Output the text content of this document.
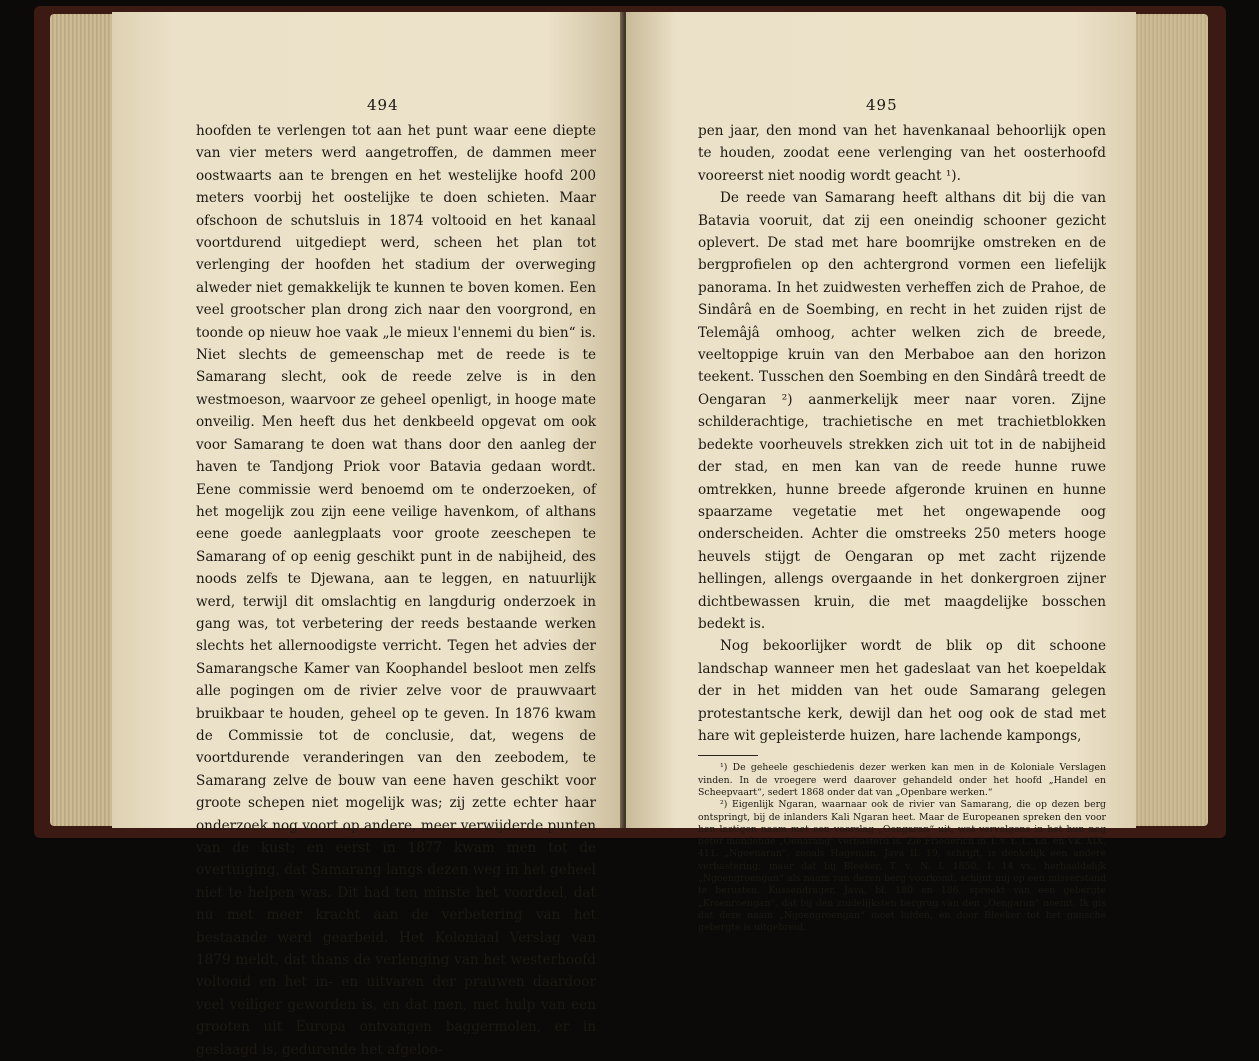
494

hoofden te verlengen tot aan het punt waar eene diepte van vier meters werd aangetroffen, de dammen meer oostwaarts aan te brengen en het westelijke hoofd 200 meters voorbij het oostelijke te doen schieten. Maar ofschoon de schutsluis in 1874 voltooid en het kanaal voortdurend uitgediept werd, scheen het plan tot verlenging der hoofden het stadium der overweging alweder niet gemakkelijk te kunnen te boven komen. Een veel grootscher plan drong zich naar den voorgrond, en toonde op nieuw hoe vaak „le mieux l'ennemi du bien“ is. Niet slechts de gemeenschap met de reede is te Samarang slecht, ook de reede zelve is in den westmoeson, waarvoor ze geheel openligt, in hooge mate onveilig. Men heeft dus het denkbeeld opgevat om ook voor Samarang te doen wat thans door den aanleg der haven te Tandjong Priok voor Batavia gedaan wordt. Eene commissie werd benoemd om te onderzoeken, of het mogelijk zou zijn eene veilige havenkom, of althans eene goede aanlegplaats voor groote zeeschepen te Samarang of op eenig geschikt punt in de nabijheid, des noods zelfs te Djewana, aan te leggen, en natuurlijk werd, terwijl dit omslachtig en langdurig onderzoek in gang was, tot verbetering der reeds bestaande werken slechts het allernoodigste verricht. Tegen het advies der Samarangsche Kamer van Koophandel besloot men zelfs alle pogingen om de rivier zelve voor de prauwvaart bruikbaar te houden, geheel op te geven. In 1876 kwam de Commissie tot de conclusie, dat, wegens de voortdurende veranderingen van den zeebodem, te Samarang zelve de bouw van eene haven geschikt voor groote schepen niet mogelijk was; zij zette echter haar onderzoek nog voort op andere, meer verwijderde punten van de kust; en eerst in 1877 kwam men tot de overtuiging, dat Samarang langs dezen weg in het geheel niet te helpen was. Dit had ten minste het voordeel, dat nu met meer kracht aan de verbetering van het bestaande werd gearbeid. Het Koloniaal Verslag van 1879 meldt, dat thans de verlenging van het westerhoofd voltooid en het in- en uitvaren der prauwen daardoor veel veiliger geworden is, en dat men, met hulp van een grooten uit Europa ontvangen baggermolen, er in geslaagd is, gedurende het afgeloo-

495

pen jaar, den mond van het havenkanaal behoorlijk open te houden, zoodat eene verlenging van het oosterhoofd vooreerst niet noodig wordt geacht ¹).

De reede van Samarang heeft althans dit bij die van Batavia vooruit, dat zij een oneindig schooner gezicht oplevert. De stad met hare boomrijke omstreken en de bergprofielen op den achtergrond vormen een liefelijk panorama. In het zuidwesten verheffen zich de Prahoe, de Sindârâ en de Soembing, en recht in het zuiden rijst de Telemâjâ omhoog, achter welken zich de breede, veeltoppige kruin van den Merbaboe aan den horizon teekent. Tusschen den Soembing en den Sindârâ treedt de Oengaran ²) aanmerkelijk meer naar voren. Zijne schilderachtige, trachietische en met trachietblokken bedekte voorheuvels strekken zich uit tot in de nabijheid der stad, en men kan van de reede hunne ruwe omtrekken, hunne breede afgeronde kruinen en hunne spaarzame vegetatie met het ongewapende oog onderscheiden. Achter die omstreeks 250 meters hooge heuvels stijgt de Oengaran op met zacht rijzende hellingen, allengs overgaande in het donkergroen zijner dichtbewassen kruin, die met maagdelijke bosschen bedekt is.

Nog bekoorlijker wordt de blik op dit schoone landschap wanneer men het gadeslaat van het koepeldak der in het midden van het oude Samarang gelegen protestantsche kerk, dewijl dan het oog ook de stad met hare wit gepleisterde huizen, hare lachende kampongs,

¹) De geheele geschiedenis dezer werken kan men in de Koloniale Verslagen vinden. In de vroegere werd daarover gehandeld onder het hoofd „Handel en Scheepvaart“, sedert 1868 onder dat van „Openbare werken.“

²) Eigenlijk Ngaran, waarnaar ook de rivier van Samarang, die op dezen berg ontspringt, bij de inlanders Kali Ngaran heet. Maar de Europeanen spreken den voor hen lastigen naam met een voorslag „Oengaran“ uit, wat vervolgens in het hun nog beter mondende „Oenarang“ verbasterd is. Zie Friederich in T. v. I. T., Ld. en Vk. XIX. 411. „Ngoenaran“, zooals Hageman, Java II. 19, schrijft, is denkelijk een andere verbastering; maar dat bij Bleeker, T. v. N. I. 1850, I. 14 vv., herhaaldelijk „Ngoengroengan“ als naam van dezen berg voorkomt, schijnt mij op een misverstand te berusten. Kussendrager, Java, bl. 180 en 186, spreekt van een gebergte „Kroenroengan“, dat bij den zuidelijksten bergrug van den „Oengaran“ noemt. Ik gis dat deze naam „Ngoengroengan“ moet luiden, en door Bleeker tot het gansche gebergte is uitgebreid.
